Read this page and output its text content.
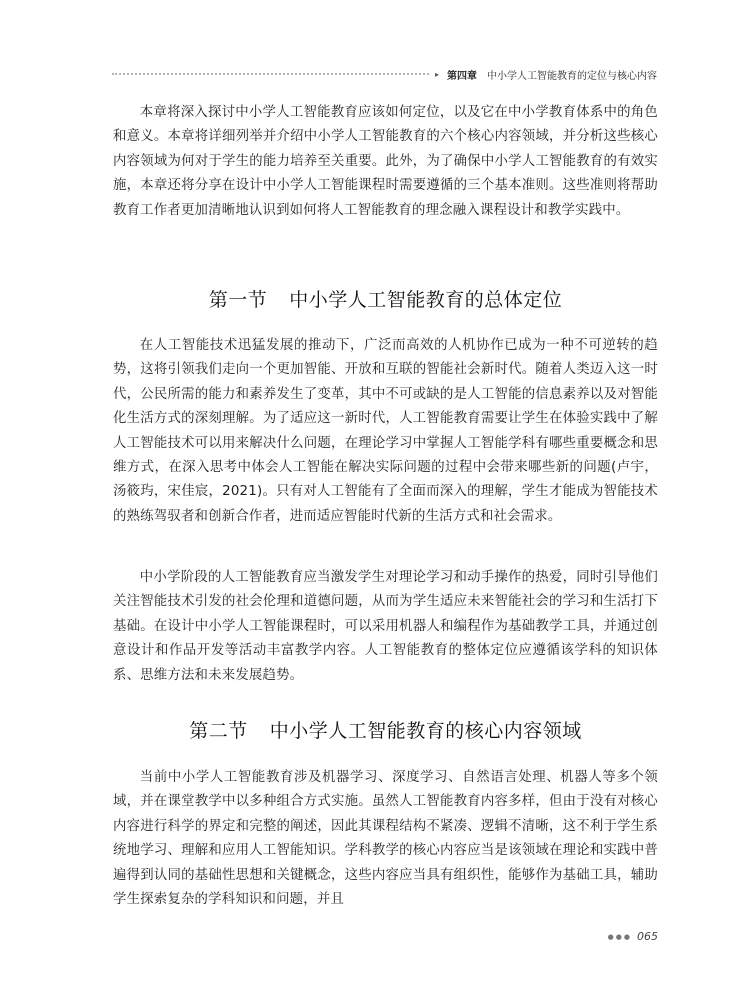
▸ 第四章 中小学人工智能教育的定位与核心内容

本章将深入探讨中小学人工智能教育应该如何定位，以及它在中小学教育体系中的角色和意义。本章将详细列举并介绍中小学人工智能教育的六个核心内容领域，并分析这些核心内容领域为何对于学生的能力培养至关重要。此外，为了确保中小学人工智能教育的有效实施，本章还将分享在设计中小学人工智能课程时需要遵循的三个基本准则。这些准则将帮助教育工作者更加清晰地认识到如何将人工智能教育的理念融入课程设计和教学实践中。

第一节 中小学人工智能教育的总体定位

在人工智能技术迅猛发展的推动下，广泛而高效的人机协作已成为一种不可逆转的趋势，这将引领我们走向一个更加智能、开放和互联的智能社会新时代。随着人类迈入这一时代，公民所需的能力和素养发生了变革，其中不可或缺的是人工智能的信息素养以及对智能化生活方式的深刻理解。为了适应这一新时代，人工智能教育需要让学生在体验实践中了解人工智能技术可以用来解决什么问题，在理论学习中掌握人工智能学科有哪些重要概念和思维方式，在深入思考中体会人工智能在解决实际问题的过程中会带来哪些新的问题(卢宇，汤筱玙，宋佳宸，2021)。只有对人工智能有了全面而深入的理解，学生才能成为智能技术的熟练驾驭者和创新合作者，进而适应智能时代新的生活方式和社会需求。

中小学阶段的人工智能教育应当激发学生对理论学习和动手操作的热爱，同时引导他们关注智能技术引发的社会伦理和道德问题，从而为学生适应未来智能社会的学习和生活打下基础。在设计中小学人工智能课程时，可以采用机器人和编程作为基础教学工具，并通过创意设计和作品开发等活动丰富教学内容。人工智能教育的整体定位应遵循该学科的知识体系、思维方法和未来发展趋势。

第二节 中小学人工智能教育的核心内容领域

当前中小学人工智能教育涉及机器学习、深度学习、自然语言处理、机器人等多个领域，并在课堂教学中以多种组合方式实施。虽然人工智能教育内容多样，但由于没有对核心内容进行科学的界定和完整的阐述，因此其课程结构不紧凑、逻辑不清晰，这不利于学生系统地学习、理解和应用人工智能知识。学科教学的核心内容应当是该领域在理论和实践中普遍得到认同的基础性思想和关键概念，这些内容应当具有组织性，能够作为基础工具，辅助学生探索复杂的学科知识和问题，并且

●●● 065
